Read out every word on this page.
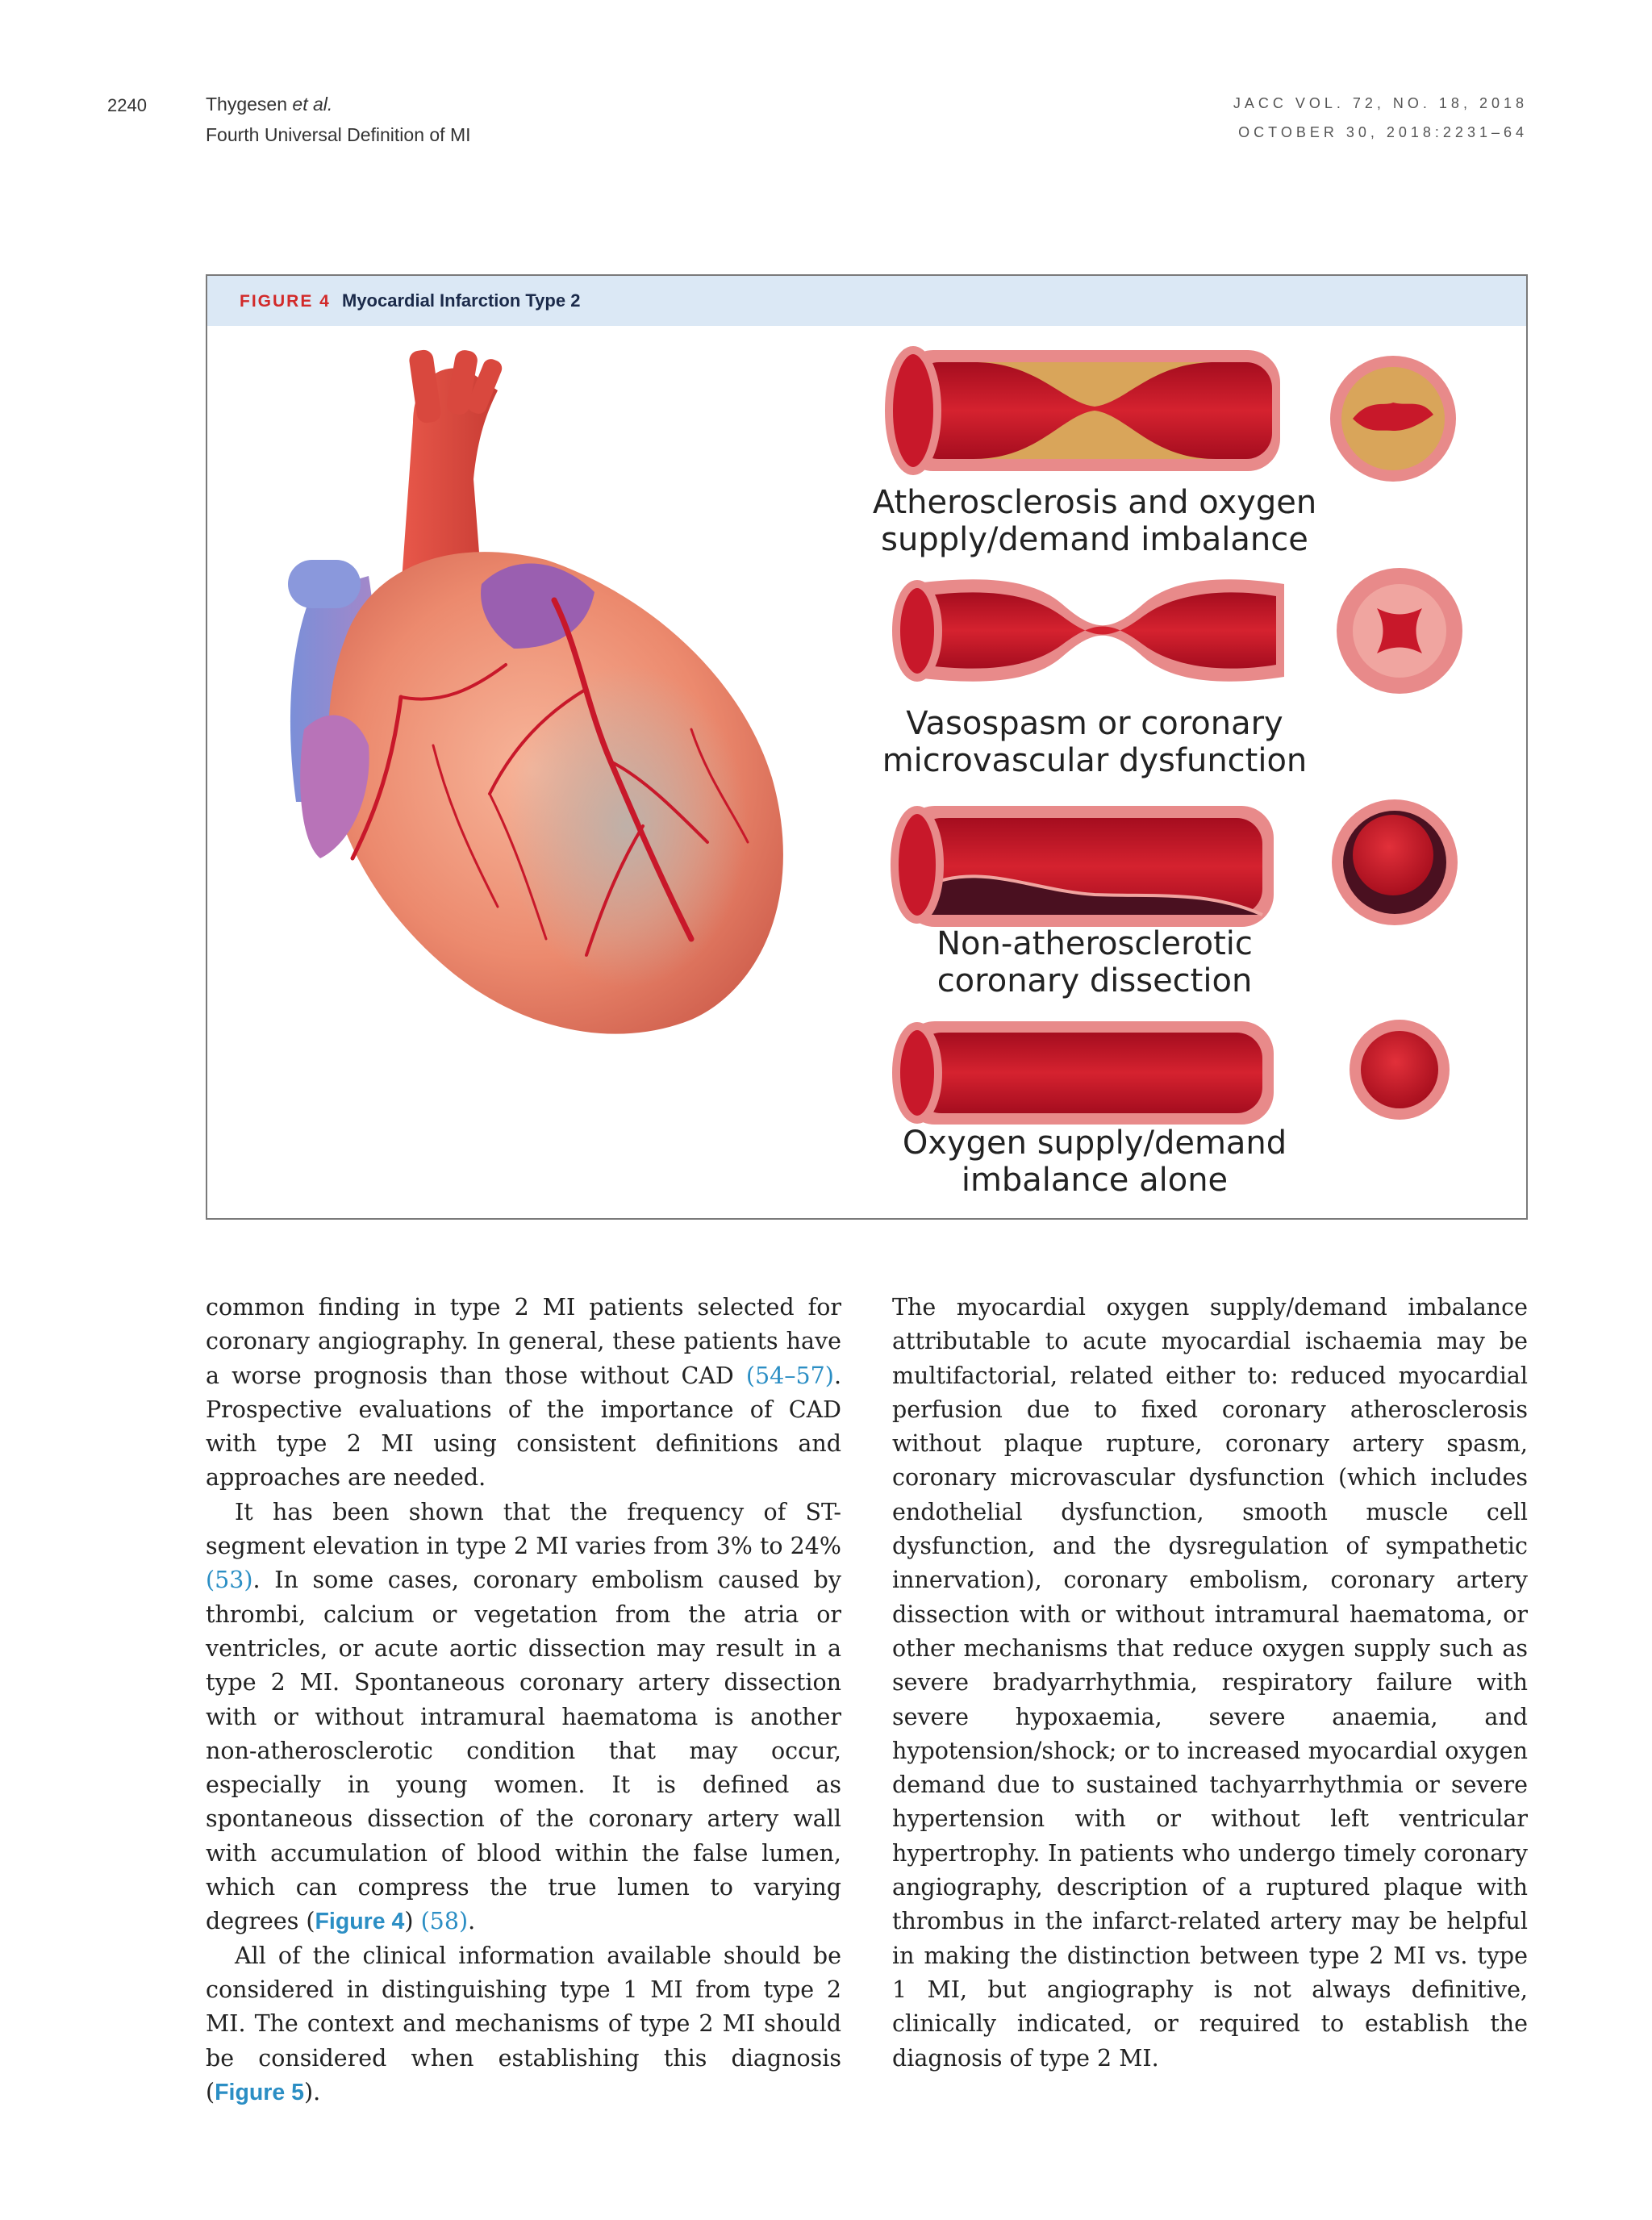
2240	Thygesen et al.
Fourth Universal Definition of MI
JACC VOL. 72, NO. 18, 2018
OCTOBER 30, 2018:2231–64
FIGURE 4 Myocardial Infarction Type 2
Atherosclerosis and oxygen
supply/demand imbalance
Vasospasm or coronary
microvascular dysfunction
Non-atherosclerotic
coronary dissection
Oxygen supply/demand
imbalance alone

common finding in type 2 MI patients selected for coronary angiography. In general, these patients have a worse prognosis than those without CAD (54–57). Prospective evaluations of the importance of CAD with type 2 MI using consistent definitions and approaches are needed.

It has been shown that the frequency of ST-segment elevation in type 2 MI varies from 3% to 24% (53). In some cases, coronary embolism caused by thrombi, calcium or vegetation from the atria or ventricles, or acute aortic dissection may result in a type 2 MI. Spontaneous coronary artery dissection with or without intramural haematoma is another non-atherosclerotic condition that may occur, especially in young women. It is defined as spontaneous dissection of the coronary artery wall with accumulation of blood within the false lumen, which can compress the true lumen to varying degrees (Figure 4) (58).

All of the clinical information available should be considered in distinguishing type 1 MI from type 2 MI. The context and mechanisms of type 2 MI should be considered when establishing this diagnosis (Figure 5).

The myocardial oxygen supply/demand imbalance attributable to acute myocardial ischaemia may be multifactorial, related either to: reduced myocardial perfusion due to fixed coronary atherosclerosis without plaque rupture, coronary artery spasm, coronary microvascular dysfunction (which includes endothelial dysfunction, smooth muscle cell dysfunction, and the dysregulation of sympathetic innervation), coronary embolism, coronary artery dissection with or without intramural haematoma, or other mechanisms that reduce oxygen supply such as severe bradyarrhythmia, respiratory failure with severe hypoxaemia, severe anaemia, and hypotension/shock; or to increased myocardial oxygen demand due to sustained tachyarrhythmia or severe hypertension with or without left ventricular hypertrophy. In patients who undergo timely coronary angiography, description of a ruptured plaque with thrombus in the infarct-related artery may be helpful in making the distinction between type 2 MI vs. type 1 MI, but angiography is not always definitive, clinically indicated, or required to establish the diagnosis of type 2 MI.
